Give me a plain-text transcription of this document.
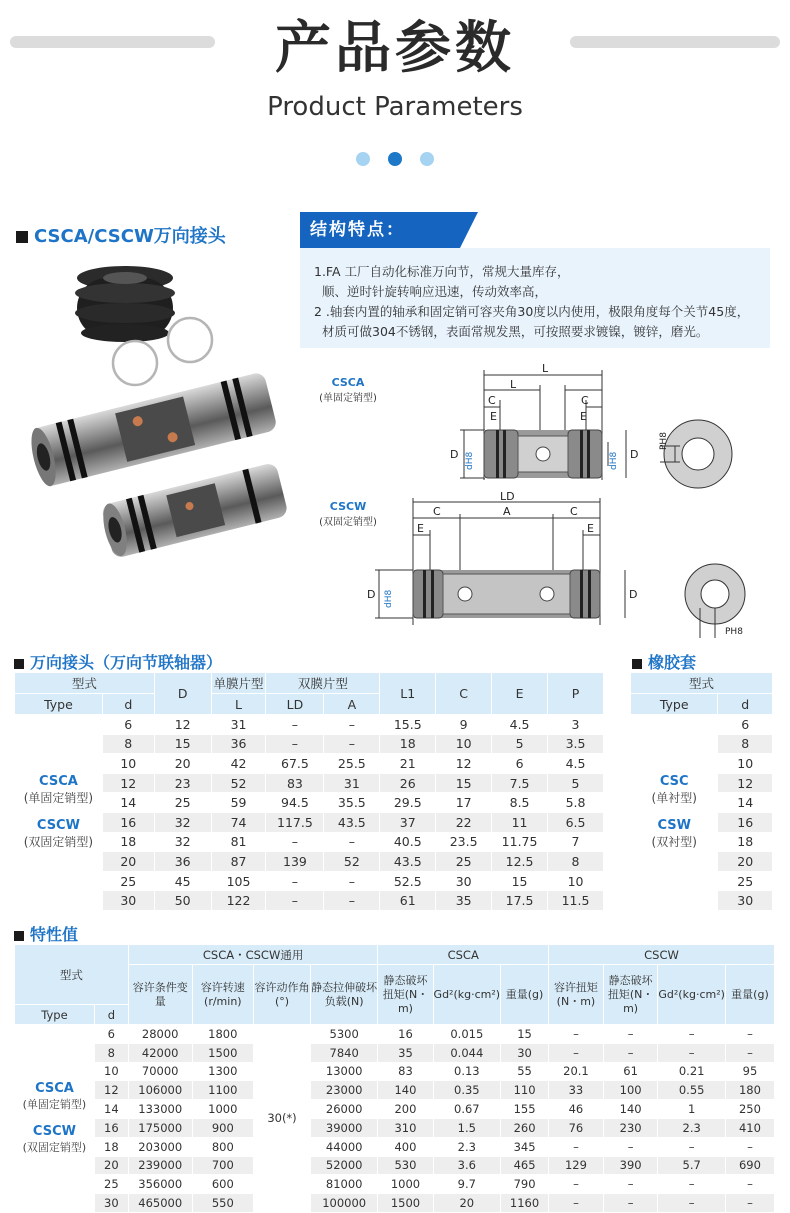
产品参数
Product Parameters
CSCA/CSCW万向接头	结构特点：
1.FA 工厂自动化标准万向节，常规大量库存，
顺、逆时针旋转响应迅速，传动效率高，
2 .轴套内置的轴承和固定销可容夹角30度以内使用，极限角度每个关节45度，
材质可做304不锈钢，表面常规发黑，可按照要求镀镍，镀锌，磨光。
CSCA
(单固定销型)
CSCW
(双固定销型)
L
L
C	C
E	E
D	D
dH8	dH8
PH8
LD
C	A	C
E	E
D	D
dH8
PH8
万向接头（万向节联轴器）
型式		D	单膜片型	双膜片型		L1	C	E	P
Type	d		L	LD	A				

CSCA
(单固定销型)
CSCW
(双固定销型)	6	12	31	–	–	15.5	9	4.5	3
	8	15	36	–	–	18	10	5	3.5
	10	20	42	67.5	25.5	21	12	6	4.5
	12	23	52	83	31	26	15	7.5	5
	14	25	59	94.5	35.5	29.5	17	8.5	5.8
	16	32	74	117.5	43.5	37	22	11	6.5
	18	32	81	–	–	40.5	23.5	11.75	7
	20	36	87	139	52	43.5	25	12.5	8
	25	45	105	–	–	52.5	30	15	10
	30	50	122	–	–	61	35	17.5	11.5
橡胶套
型式	
Type	d

CSC
(单衬型)
CSW
(双衬型)	6
	8
	10
	12
	14
	16
	18
	20
	25
	30
特性值
型式		CSCA・CSCW通用				CSCA			CSCW				
		容许条件变量	容许转速(r/min)	容许动作角(°)	静态拉伸破坏负载(N)	静态破坏扭矩(N・m)	Gd²(kg·cm²)	重量(g)	容许扭矩(N・m)	静态破坏扭矩(N・m)	Gd²(kg·cm²)	重量(g)	
Type	d												

CSCA
(单固定销型)
CSCW
(双固定销型)	6	28000	1800	30(*)	5300	16	0.015	15	–	–	–	–	
	8	42000	1500		7840	35	0.044	30	–	–	–	–	
	10	70000	1300		13000	83	0.13	55	20.1	61	0.21	95	
	12	106000	1100		23000	140	0.35	110	33	100	0.55	180	
	14	133000	1000		26000	200	0.67	155	46	140	1	250	
	16	175000	900		39000	310	1.5	260	76	230	2.3	410	
	18	203000	800		44000	400	2.3	345	–	–	–	–	
	20	239000	700		52000	530	3.6	465	129	390	5.7	690	
	25	356000	600		81000	1000	9.7	790	–	–	–	–	
	30	465000	550		100000	1500	20	1160	–	–	–	–	
